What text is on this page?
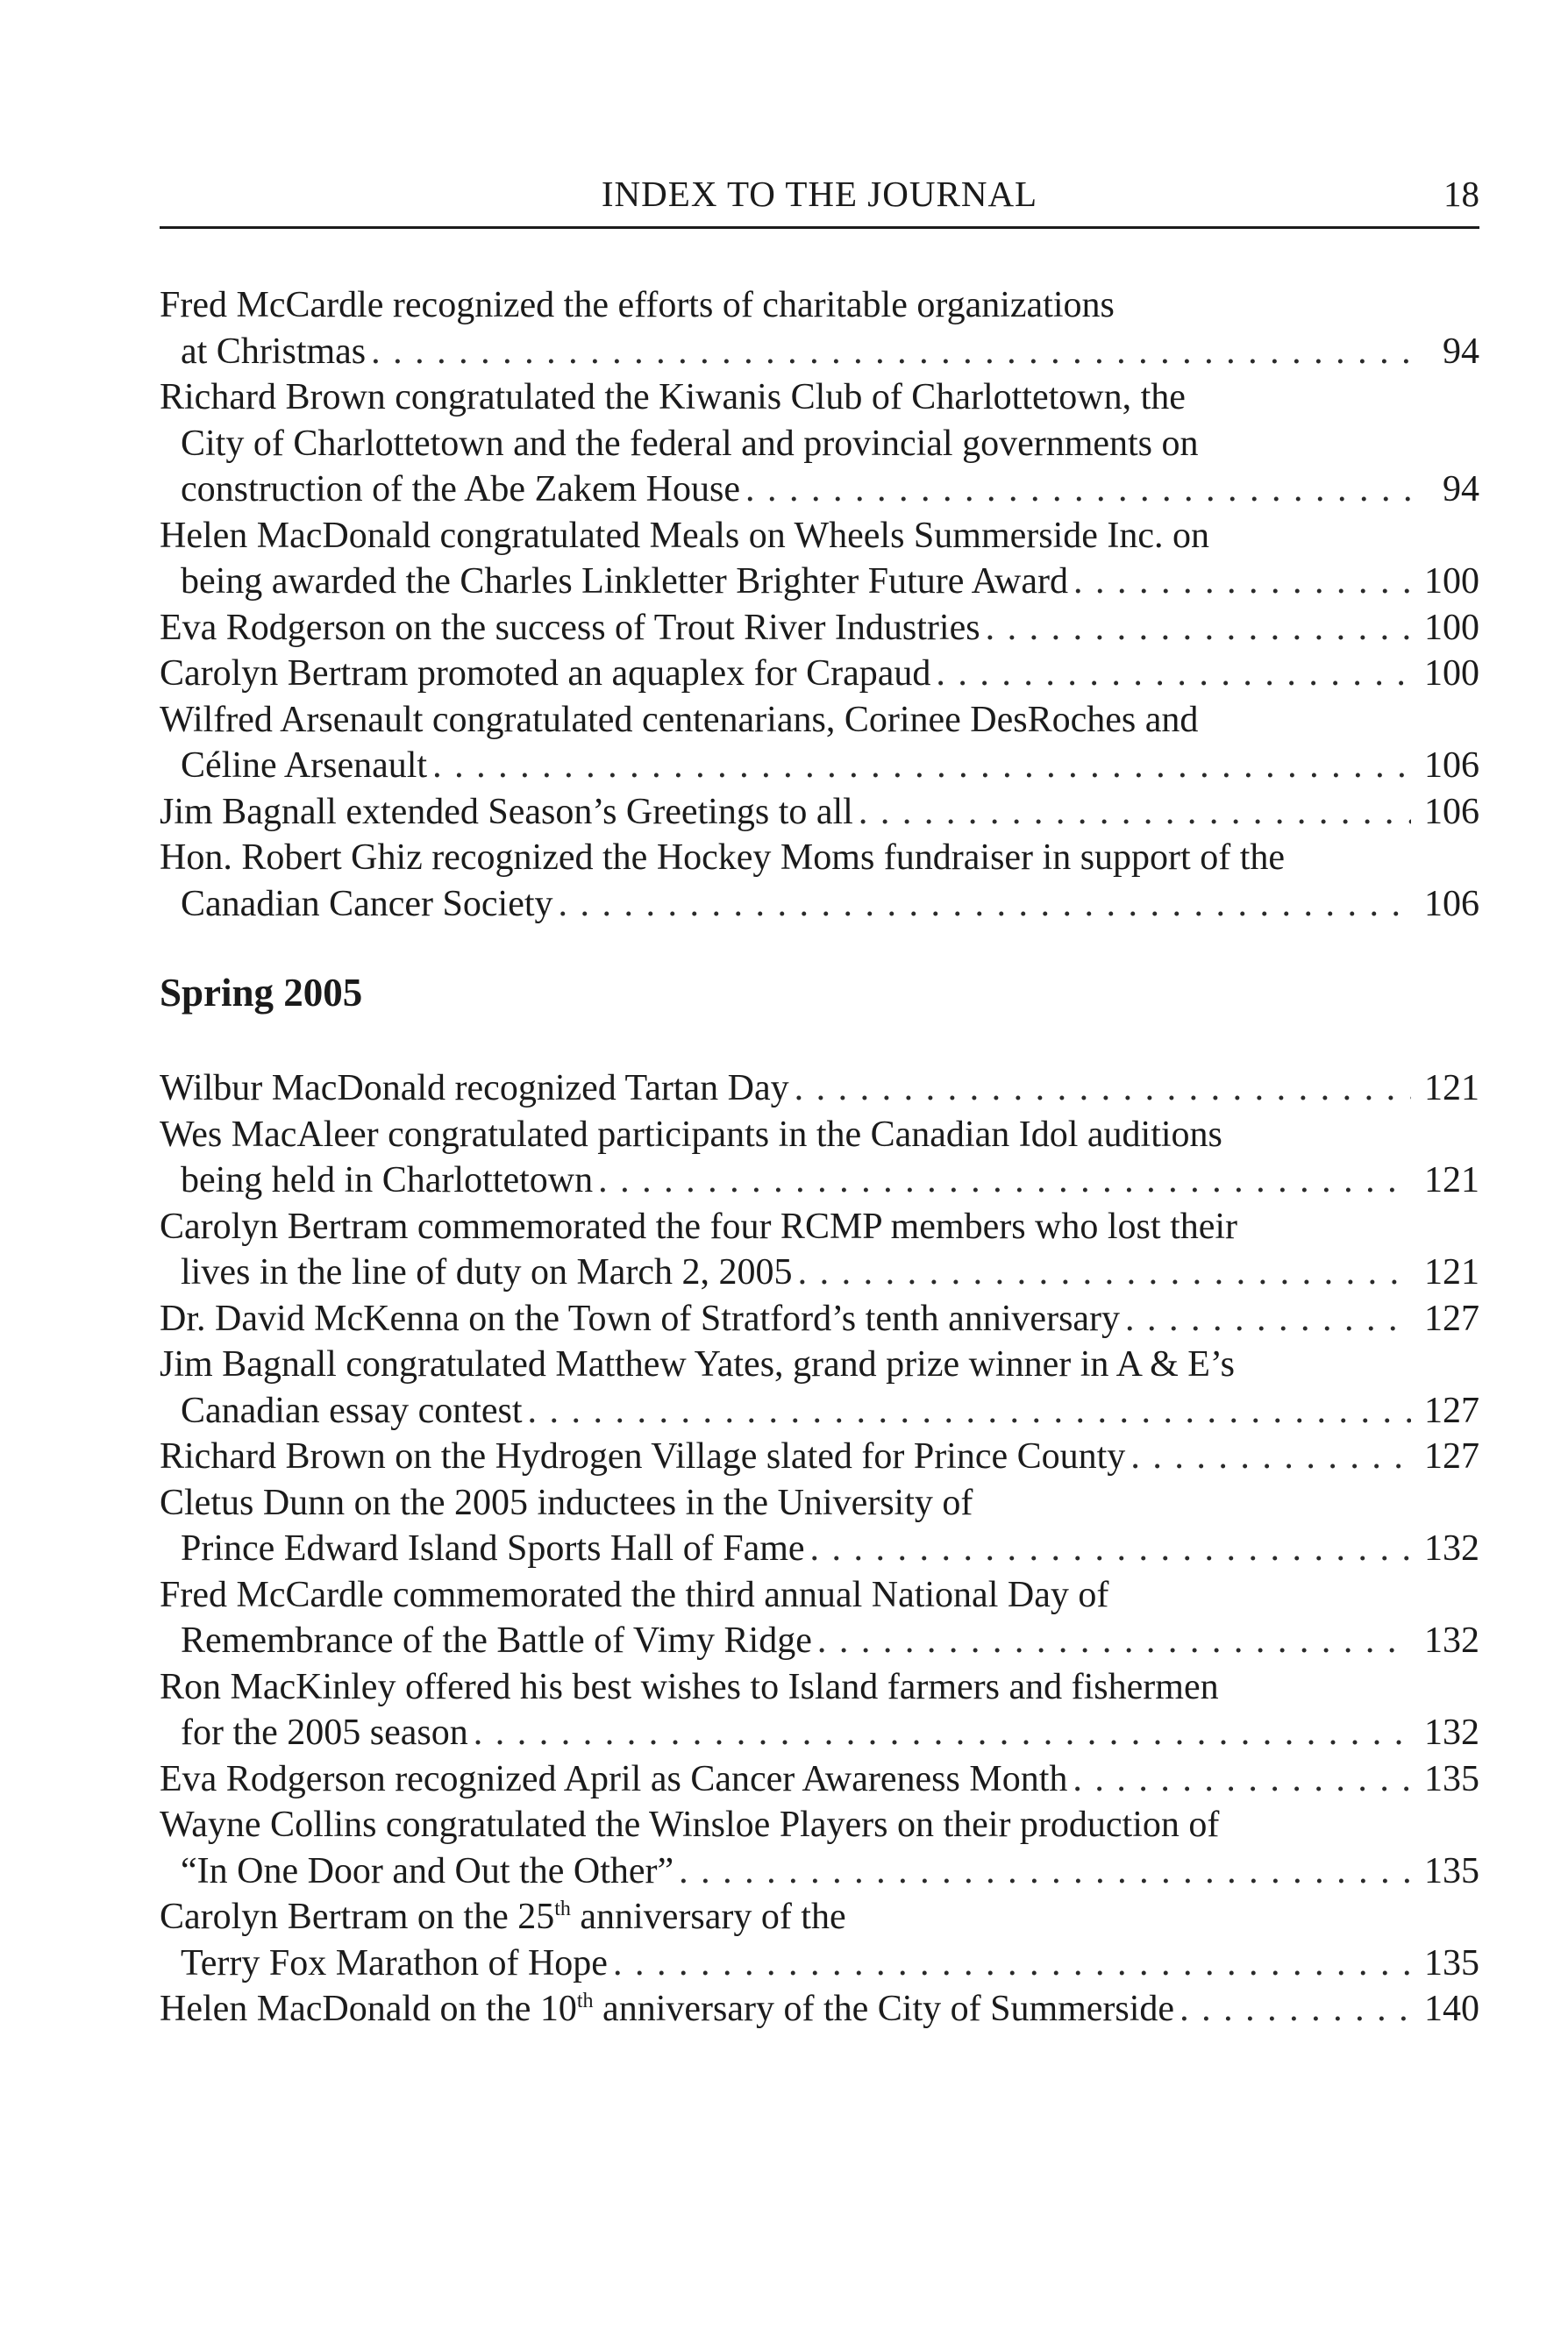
INDEX TO THE JOURNAL	18
Fred McCardle recognized the efforts of charitable organizations
at Christmas . . .	94
Richard Brown congratulated the Kiwanis Club of Charlottetown, the
City of Charlottetown and the federal and provincial governments on
construction of the Abe Zakem House . . .	94
Helen MacDonald congratulated Meals on Wheels Summerside Inc. on
being awarded the Charles Linkletter Brighter Future Award . . .	100
Eva Rodgerson on the success of Trout River Industries . . .	100
Carolyn Bertram promoted an aquaplex for Crapaud . . .	100
Wilfred Arsenault congratulated centenarians, Corinee DesRoches and
Céline Arsenault . . .	106
Jim Bagnall extended Season’s Greetings to all . . .	106
Hon. Robert Ghiz recognized the Hockey Moms fundraiser in support of the
Canadian Cancer Society . . .	106
Spring 2005
Wilbur MacDonald recognized Tartan Day . . .	121
Wes MacAleer congratulated participants in the Canadian Idol auditions
being held in Charlottetown . . .	121
Carolyn Bertram commemorated the four RCMP members who lost their
lives in the line of duty on March 2, 2005 . . .	121
Dr. David McKenna on the Town of Stratford’s tenth anniversary . . .	127
Jim Bagnall congratulated Matthew Yates, grand prize winner in A & E’s
Canadian essay contest . . .	127
Richard Brown on the Hydrogen Village slated for Prince County . . .	127
Cletus Dunn on the 2005 inductees in the University of
Prince Edward Island Sports Hall of Fame . . .	132
Fred McCardle commemorated the third annual National Day of
Remembrance of the Battle of Vimy Ridge . . .	132
Ron MacKinley offered his best wishes to Island farmers and fishermen
for the 2005 season . . .	132
Eva Rodgerson recognized April as Cancer Awareness Month . . .	135
Wayne Collins congratulated the Winsloe Players on their production of
“In One Door and Out the Other” . . .	135
Carolyn Bertram on the 25th anniversary of the
Terry Fox Marathon of Hope . . .	135
Helen MacDonald on the 10th anniversary of the City of Summerside . . .	140
